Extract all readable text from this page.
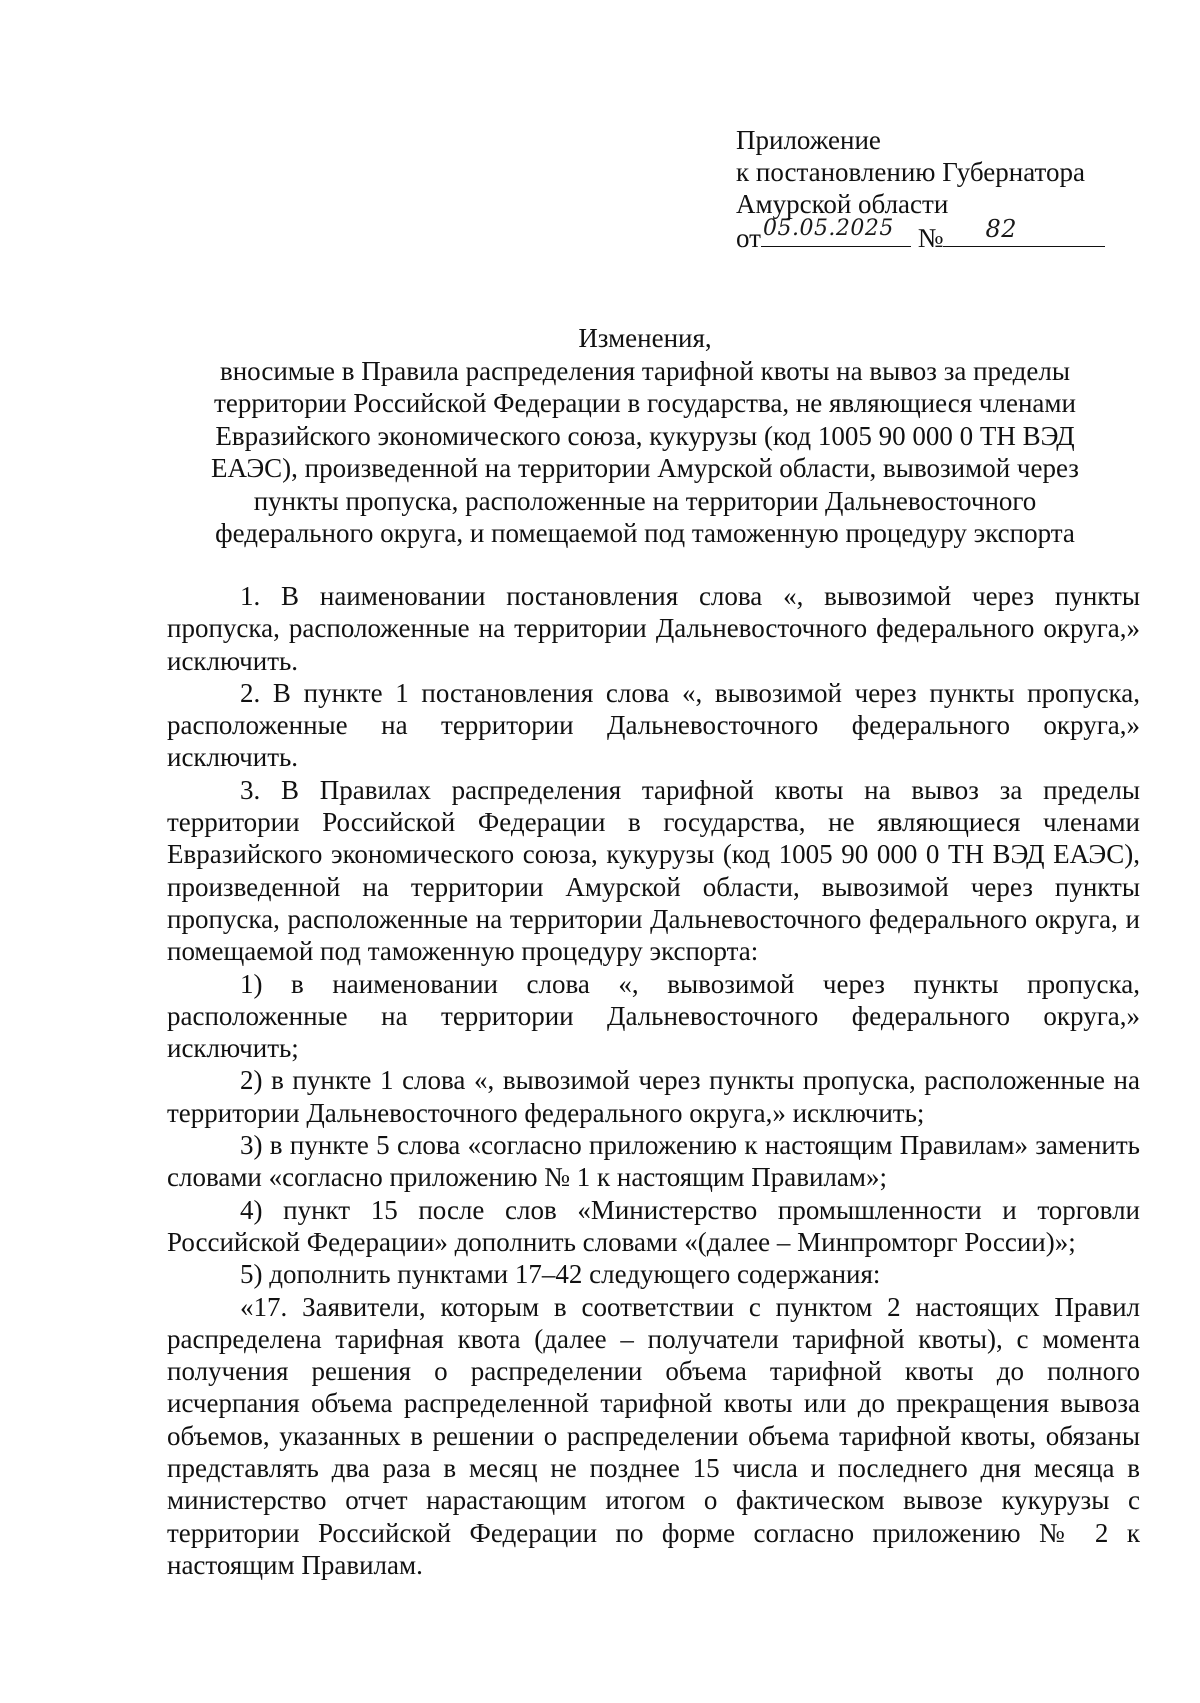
Приложение
к постановлению Губернатора
Амурской области
от 05.05.2025 № 82
Изменения,
вносимые в Правила распределения тарифной квоты на вывоз за пределы
территории Российской Федерации в государства, не являющиеся членами
Евразийского экономического союза, кукурузы (код 1005 90 000 0 ТН ВЭД
ЕАЭС), произведенной на территории Амурской области, вывозимой через
пункты пропуска, расположенные на территории Дальневосточного
федерального округа, и помещаемой под таможенную процедуру экспорта

1. В наименовании постановления слова «, вывозимой через пункты пропуска, расположенные на территории Дальневосточного федерального округа,» исключить.

2. В пункте 1 постановления слова «, вывозимой через пункты пропуска, расположенные на территории Дальневосточного федерального округа,» исключить.

3. В Правилах распределения тарифной квоты на вывоз за пределы территории Российской Федерации в государства, не являющиеся членами Евразийского экономического союза, кукурузы (код 1005 90 000 0 ТН ВЭД ЕАЭС), произведенной на территории Амурской области, вывозимой через пункты пропуска, расположенные на территории Дальневосточного федерального округа, и помещаемой под таможенную процедуру экспорта:

1) в наименовании слова «, вывозимой через пункты пропуска, расположенные на территории Дальневосточного федерального округа,» исключить;

2) в пункте 1 слова «, вывозимой через пункты пропуска, расположенные на территории Дальневосточного федерального округа,» исключить;

3) в пункте 5 слова «согласно приложению к настоящим Правилам» заменить словами «согласно приложению № 1 к настоящим Правилам»;

4) пункт 15 после слов «Министерство промышленности и торговли Российской Федерации» дополнить словами «(далее – Минпромторг России)»;

5) дополнить пунктами 17–42 следующего содержания:

«17. Заявители, которым в соответствии с пунктом 2 настоящих Правил распределена тарифная квота (далее – получатели тарифной квоты), с момента получения решения о распределении объема тарифной квоты до полного исчерпания объема распределенной тарифной квоты или до прекращения вывоза объемов, указанных в решении о распределении объема тарифной квоты, обязаны представлять два раза в месяц не позднее 15 числа и последнего дня месяца в министерство отчет нарастающим итогом о фактическом вывозе кукурузы с территории Российской Федерации по форме согласно приложению № 2 к настоящим Правилам.
